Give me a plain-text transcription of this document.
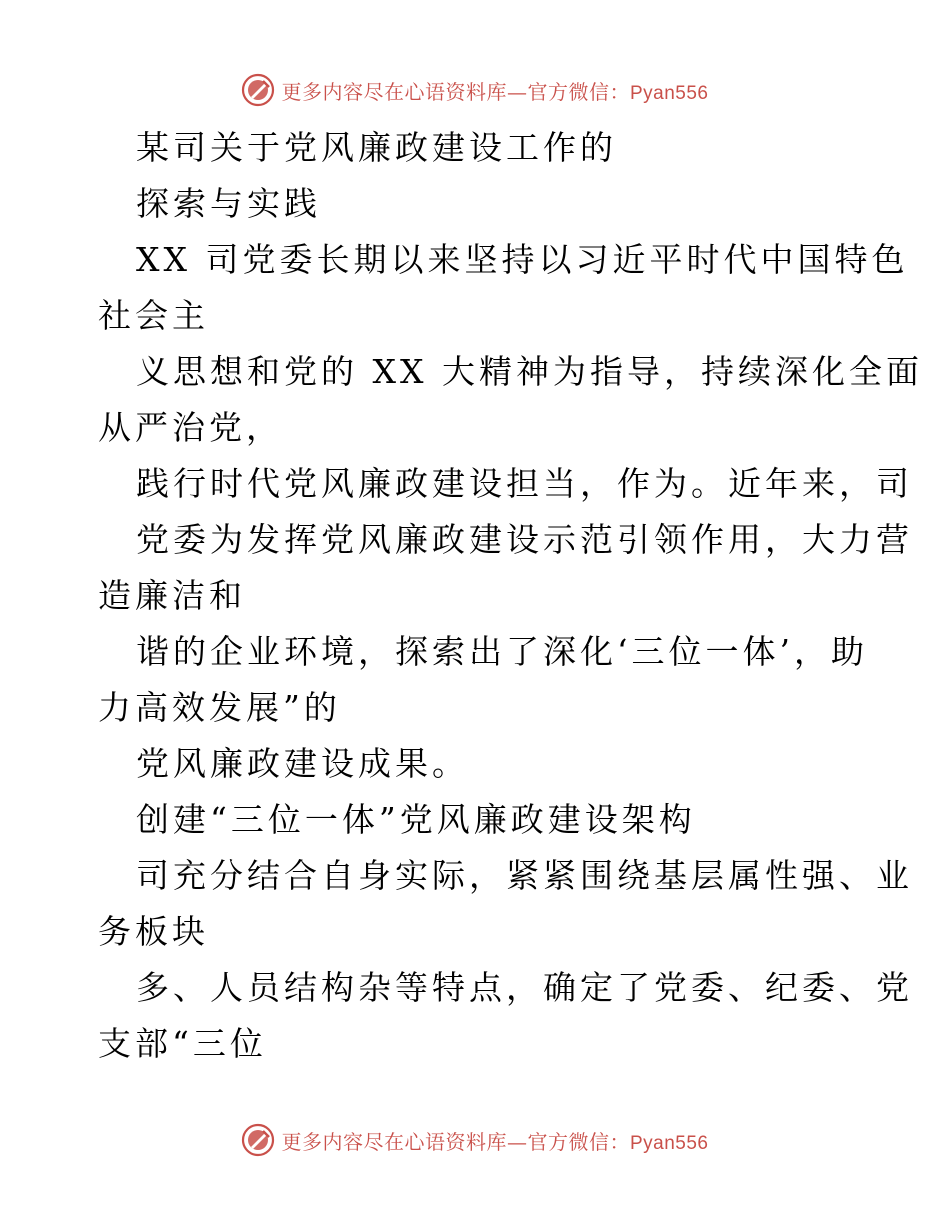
更多内容尽在心语资料库—官方微信：Pyan556
某司关于党风廉政建设工作的
探索与实践
XX 司党委长期以来坚持以习近平时代中国特色
社会主
义思想和党的 XX 大精神为指导，持续深化全面
从严治党，
践行时代党风廉政建设担当，作为。近年来，司
党委为发挥党风廉政建设示范引领作用，大力营
造廉洁和
谐的企业环境，探索出了深化‘三位一体’，助
力高效发展”的
党风廉政建设成果。
创建“三位一体”党风廉政建设架构
司充分结合自身实际，紧紧围绕基层属性强、业
务板块
多、人员结构杂等特点，确定了党委、纪委、党
支部“三位
更多内容尽在心语资料库—官方微信：Pyan556
